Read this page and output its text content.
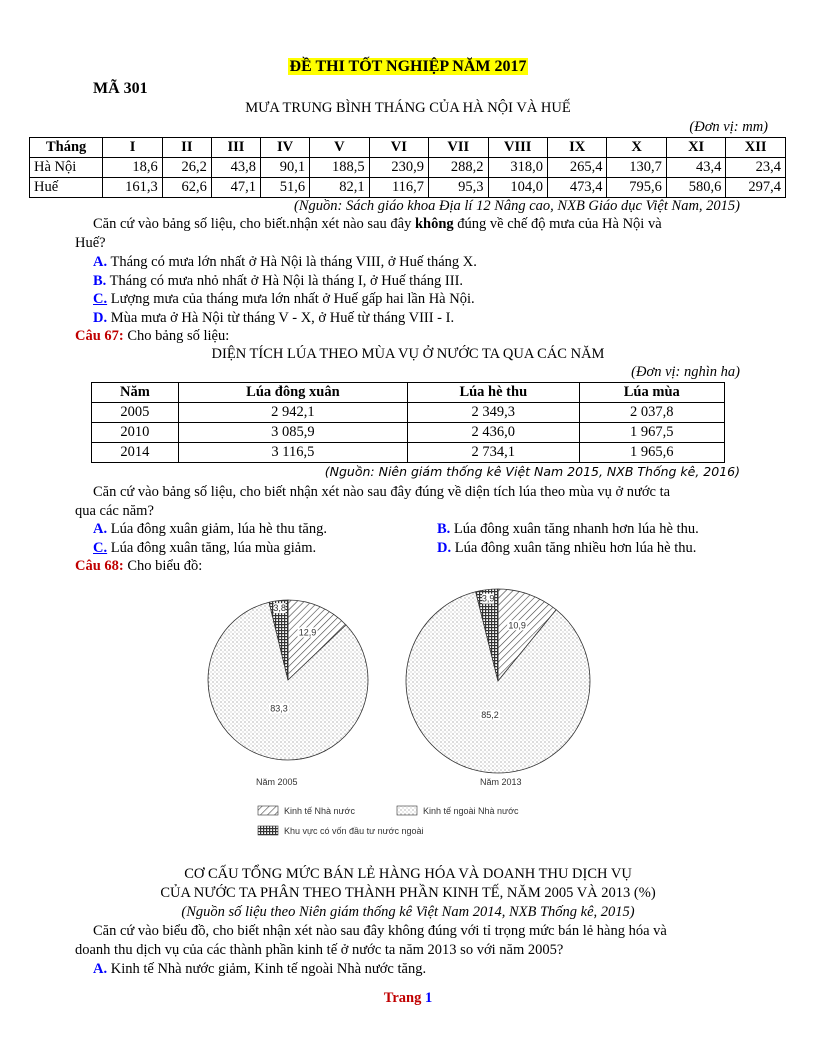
ĐỀ THI TỐT NGHIỆP NĂM 2017
MÃ 301
MƯA TRUNG BÌNH THÁNG CỦA HÀ NỘI VÀ HUẾ
(Đơn vị: mm)
Tháng	I	II	III	IV	V	VI	VII	VIII	IX	X	XI	XII
Hà Nội	18,6	26,2	43,8	90,1	188,5	230,9	288,2	318,0	265,4	130,7	43,4	23,4
Huế	161,3	62,6	47,1	51,6	82,1	116,7	95,3	104,0	473,4	795,6	580,6	297,4
(Nguồn: Sách giáo khoa Địa lí 12 Nâng cao, NXB Giáo dục Việt Nam, 2015)
Căn cứ vào bảng số liệu, cho biết.nhận xét nào sau đây không đúng về chế độ mưa của Hà Nội và
Huế?
A. Tháng có mưa lớn nhất ở Hà Nội là tháng VIII, ở Huế tháng X.
B. Tháng có mưa nhỏ nhất ở Hà Nội là tháng I, ở Huế tháng III.
C. Lượng mưa của tháng mưa lớn nhất ở Huế gấp hai lần Hà Nội.
D. Mùa mưa ở Hà Nội từ tháng V - X, ở Huế từ tháng VIII - I.
Câu 67: Cho bảng số liệu:
DIỆN TÍCH LÚA THEO MÙA VỤ Ở NƯỚC TA QUA CÁC NĂM
(Đơn vị: nghìn ha)
Năm	Lúa đông xuân	Lúa hè thu	Lúa mùa
2005	2 942,1	2 349,3	2 037,8
2010	3 085,9	2 436,0	1 967,5
2014	3 116,5	2 734,1	1 965,6
(Nguồn: Niên giám thống kê Việt Nam 2015, NXB Thống kê, 2016)
Căn cứ vào bảng số liệu, cho biết nhận xét nào sau đây đúng về diện tích lúa theo mùa vụ ở nước ta
qua các năm?
A. Lúa đông xuân giảm, lúa hè thu tăng.	B. Lúa đông xuân tăng nhanh hơn lúa hè thu.
C. Lúa đông xuân tăng, lúa mùa giảm.	D. Lúa đông xuân tăng nhiều hơn lúa hè thu.
Câu 68: Cho biểu đồ:
12,9
83,3
3,8
10,9
85,2
3,9
Năm 2005	Năm 2013
Kinh tế Nhà nước	Kinh tế ngoài Nhà nước
Khu vực có vốn đầu tư nước ngoài
CƠ CẤU TỔNG MỨC BÁN LẺ HÀNG HÓA VÀ DOANH THU DỊCH VỤ
CỦA NƯỚC TA PHÂN THEO THÀNH PHẦN KINH TẾ, NĂM 2005 VÀ 2013 (%)
(Nguồn số liệu theo Niên giám thống kê Việt Nam 2014, NXB Thống kê, 2015)
Căn cứ vào biểu đồ, cho biết nhận xét nào sau đây không đúng với tỉ trọng mức bán lẻ hàng hóa và
doanh thu dịch vụ của các thành phần kinh tế ở nước ta năm 2013 so với năm 2005?
A. Kinh tế Nhà nước giảm, Kinh tế ngoài Nhà nước tăng.
Trang 1
